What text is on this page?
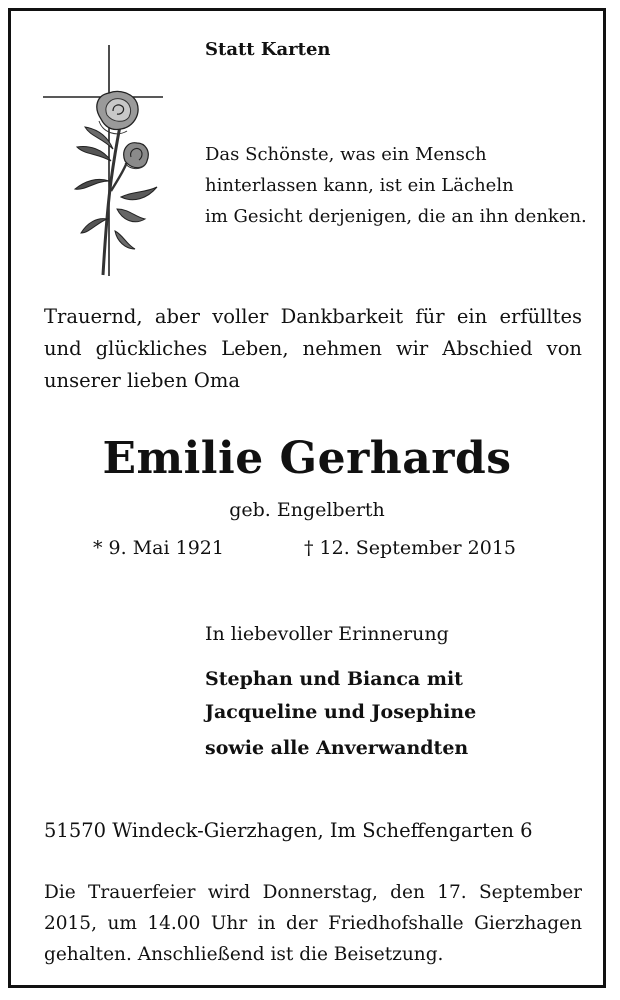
Statt Karten

Das Schönste, was ein Mensch
hinterlassen kann, ist ein Lächeln
im Gesicht derjenigen, die an ihn denken.

Trauernd, aber voller Dankbarkeit für ein erfülltes und glückliches Leben, nehmen wir Abschied von unserer lieben Oma

Emilie Gerhards

geb. Engelberth

* 9. Mai 1921	† 12. September 2015

In liebevoller Erinnerung

Stephan und Bianca mit
Jacqueline und Josephine
sowie alle Anverwandten

51570 Windeck-Gierzhagen, Im Scheffengarten 6

Die Trauerfeier wird Donnerstag, den 17. September 2015, um 14.00 Uhr in der Friedhofshalle Gierzhagen gehalten. Anschließend ist die Beisetzung.
